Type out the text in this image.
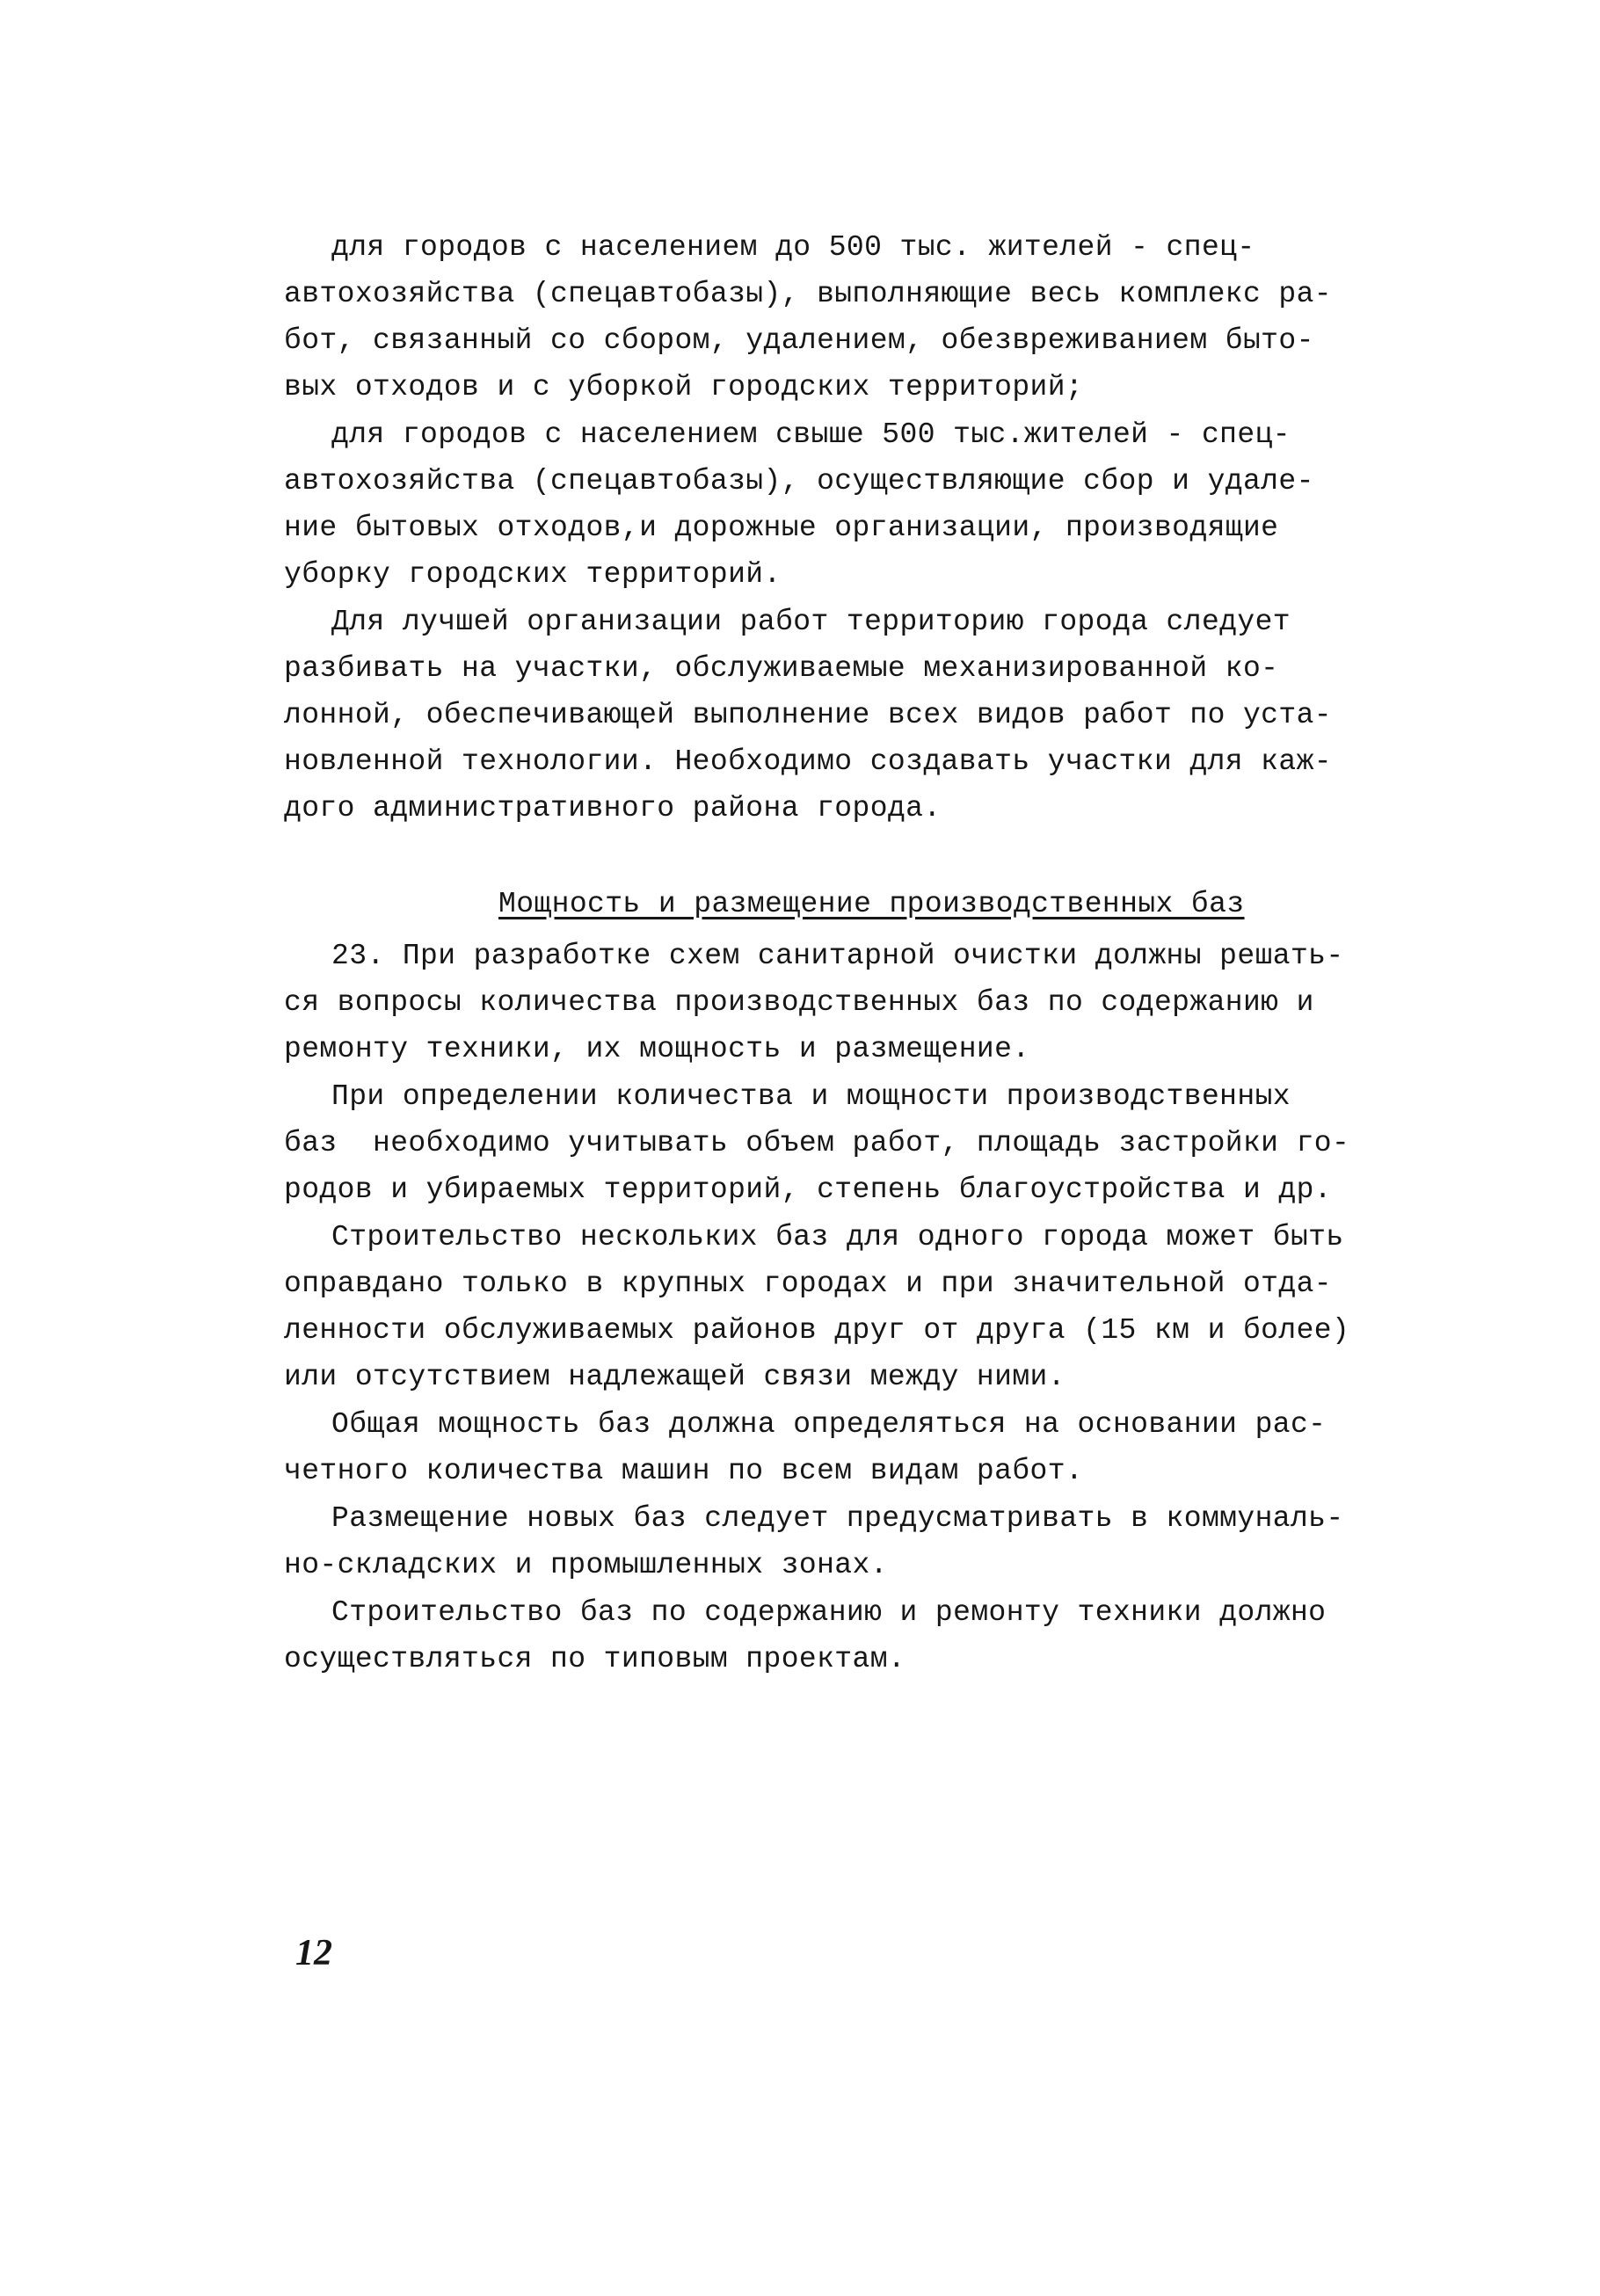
для городов с населением до 500 тыс. жителей - спец-

автохозяйства (спецавтобазы), выполняющие весь комплекс ра-

бот, связанный со сбором, удалением, обезвреживанием быто-

вых отходов и с уборкой городских территорий;

для городов с населением свыше 500 тыс.жителей - спец-

автохозяйства (спецавтобазы), осуществляющие сбор и удале-

ние бытовых отходов,и дорожные организации, производящие

уборку городских территорий.

Для лучшей организации работ территорию города следует

разбивать на участки, обслуживаемые механизированной ко-

лонной, обеспечивающей выполнение всех видов работ по уста-

новленной технологии. Необходимо создавать участки для каж-

дого административного района города.

Мощность и размещение производственных баз

23. При разработке схем санитарной очистки должны решать-

ся вопросы количества производственных баз по содержанию и

ремонту техники, их мощность и размещение.

При определении количества и мощности производственных

баз  необходимо учитывать объем работ, площадь застройки го-

родов и убираемых территорий, степень благоустройства и др.

Строительство нескольких баз для одного города может быть

оправдано только в крупных городах и при значительной отда-

ленности обслуживаемых районов друг от друга (15 км и более)

или отсутствием надлежащей связи между ними.

Общая мощность баз должна определяться на основании рас-

четного количества машин по всем видам работ.

Размещение новых баз следует предусматривать в коммуналь-

но-складских и промышленных зонах.

Строительство баз по содержанию и ремонту техники должно

осуществляться по типовым проектам.

12
